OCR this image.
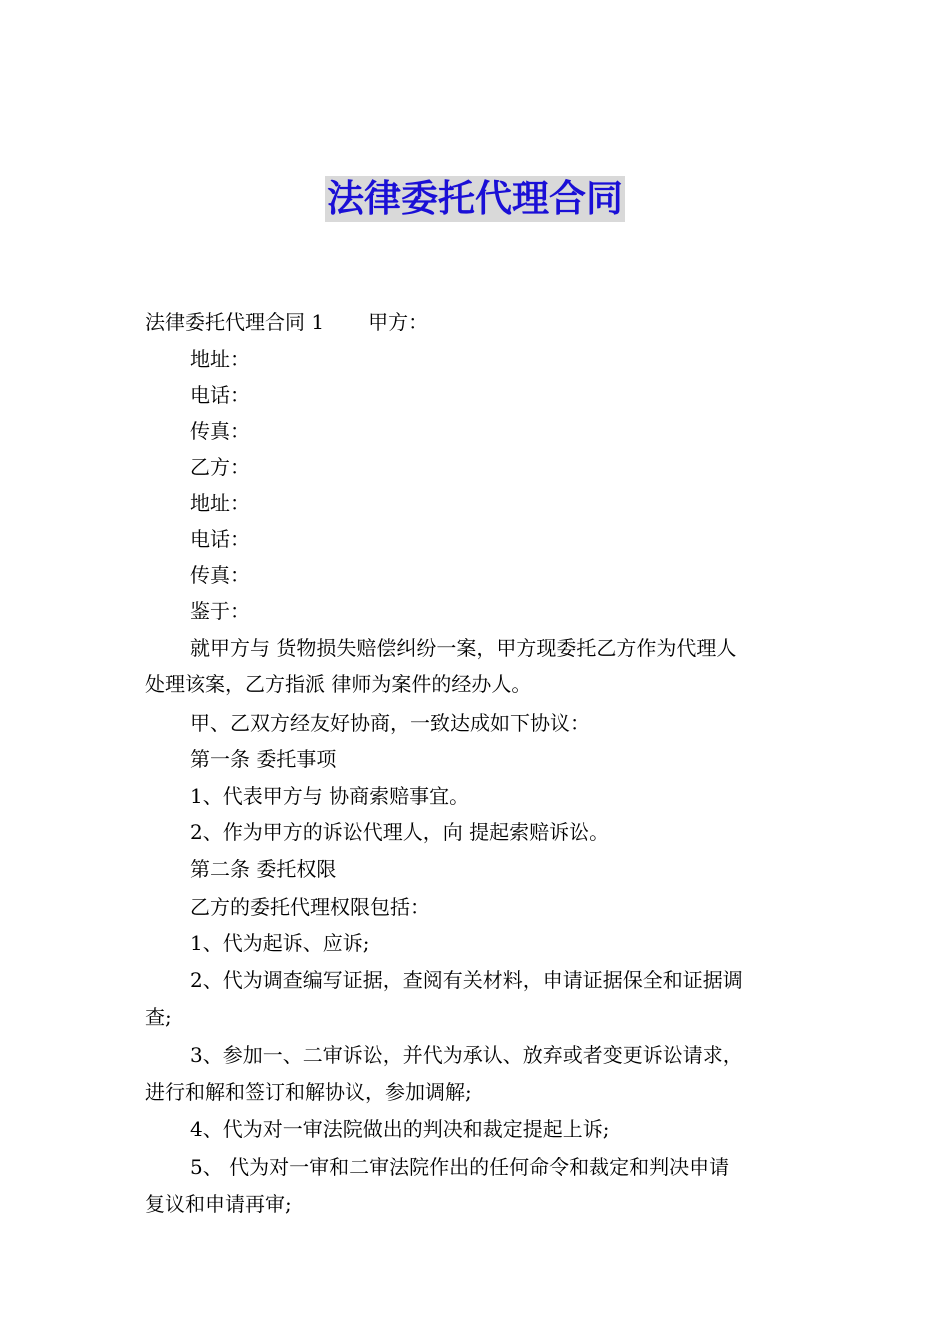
法律委托代理合同
法律委托代理合同 1 甲方：
地址：
电话：
传真：
乙方：
地址：
电话：
传真：
鉴于：
就甲方与 货物损失赔偿纠纷一案，甲方现委托乙方作为代理人
处理该案，乙方指派 律师为案件的经办人。
甲、乙双方经友好协商，一致达成如下协议：
第一条 委托事项
1、代表甲方与 协商索赔事宜。
2、作为甲方的诉讼代理人，向 提起索赔诉讼。
第二条 委托权限
乙方的委托代理权限包括：
1、代为起诉、应诉;
2、代为调查编写证据，查阅有关材料，申请证据保全和证据调
查;
3、参加一、二审诉讼，并代为承认、放弃或者变更诉讼请求，
进行和解和签订和解协议，参加调解;
4、代为对一审法院做出的判决和裁定提起上诉;
5、 代为对一审和二审法院作出的任何命令和裁定和判决申请
复议和申请再审;
